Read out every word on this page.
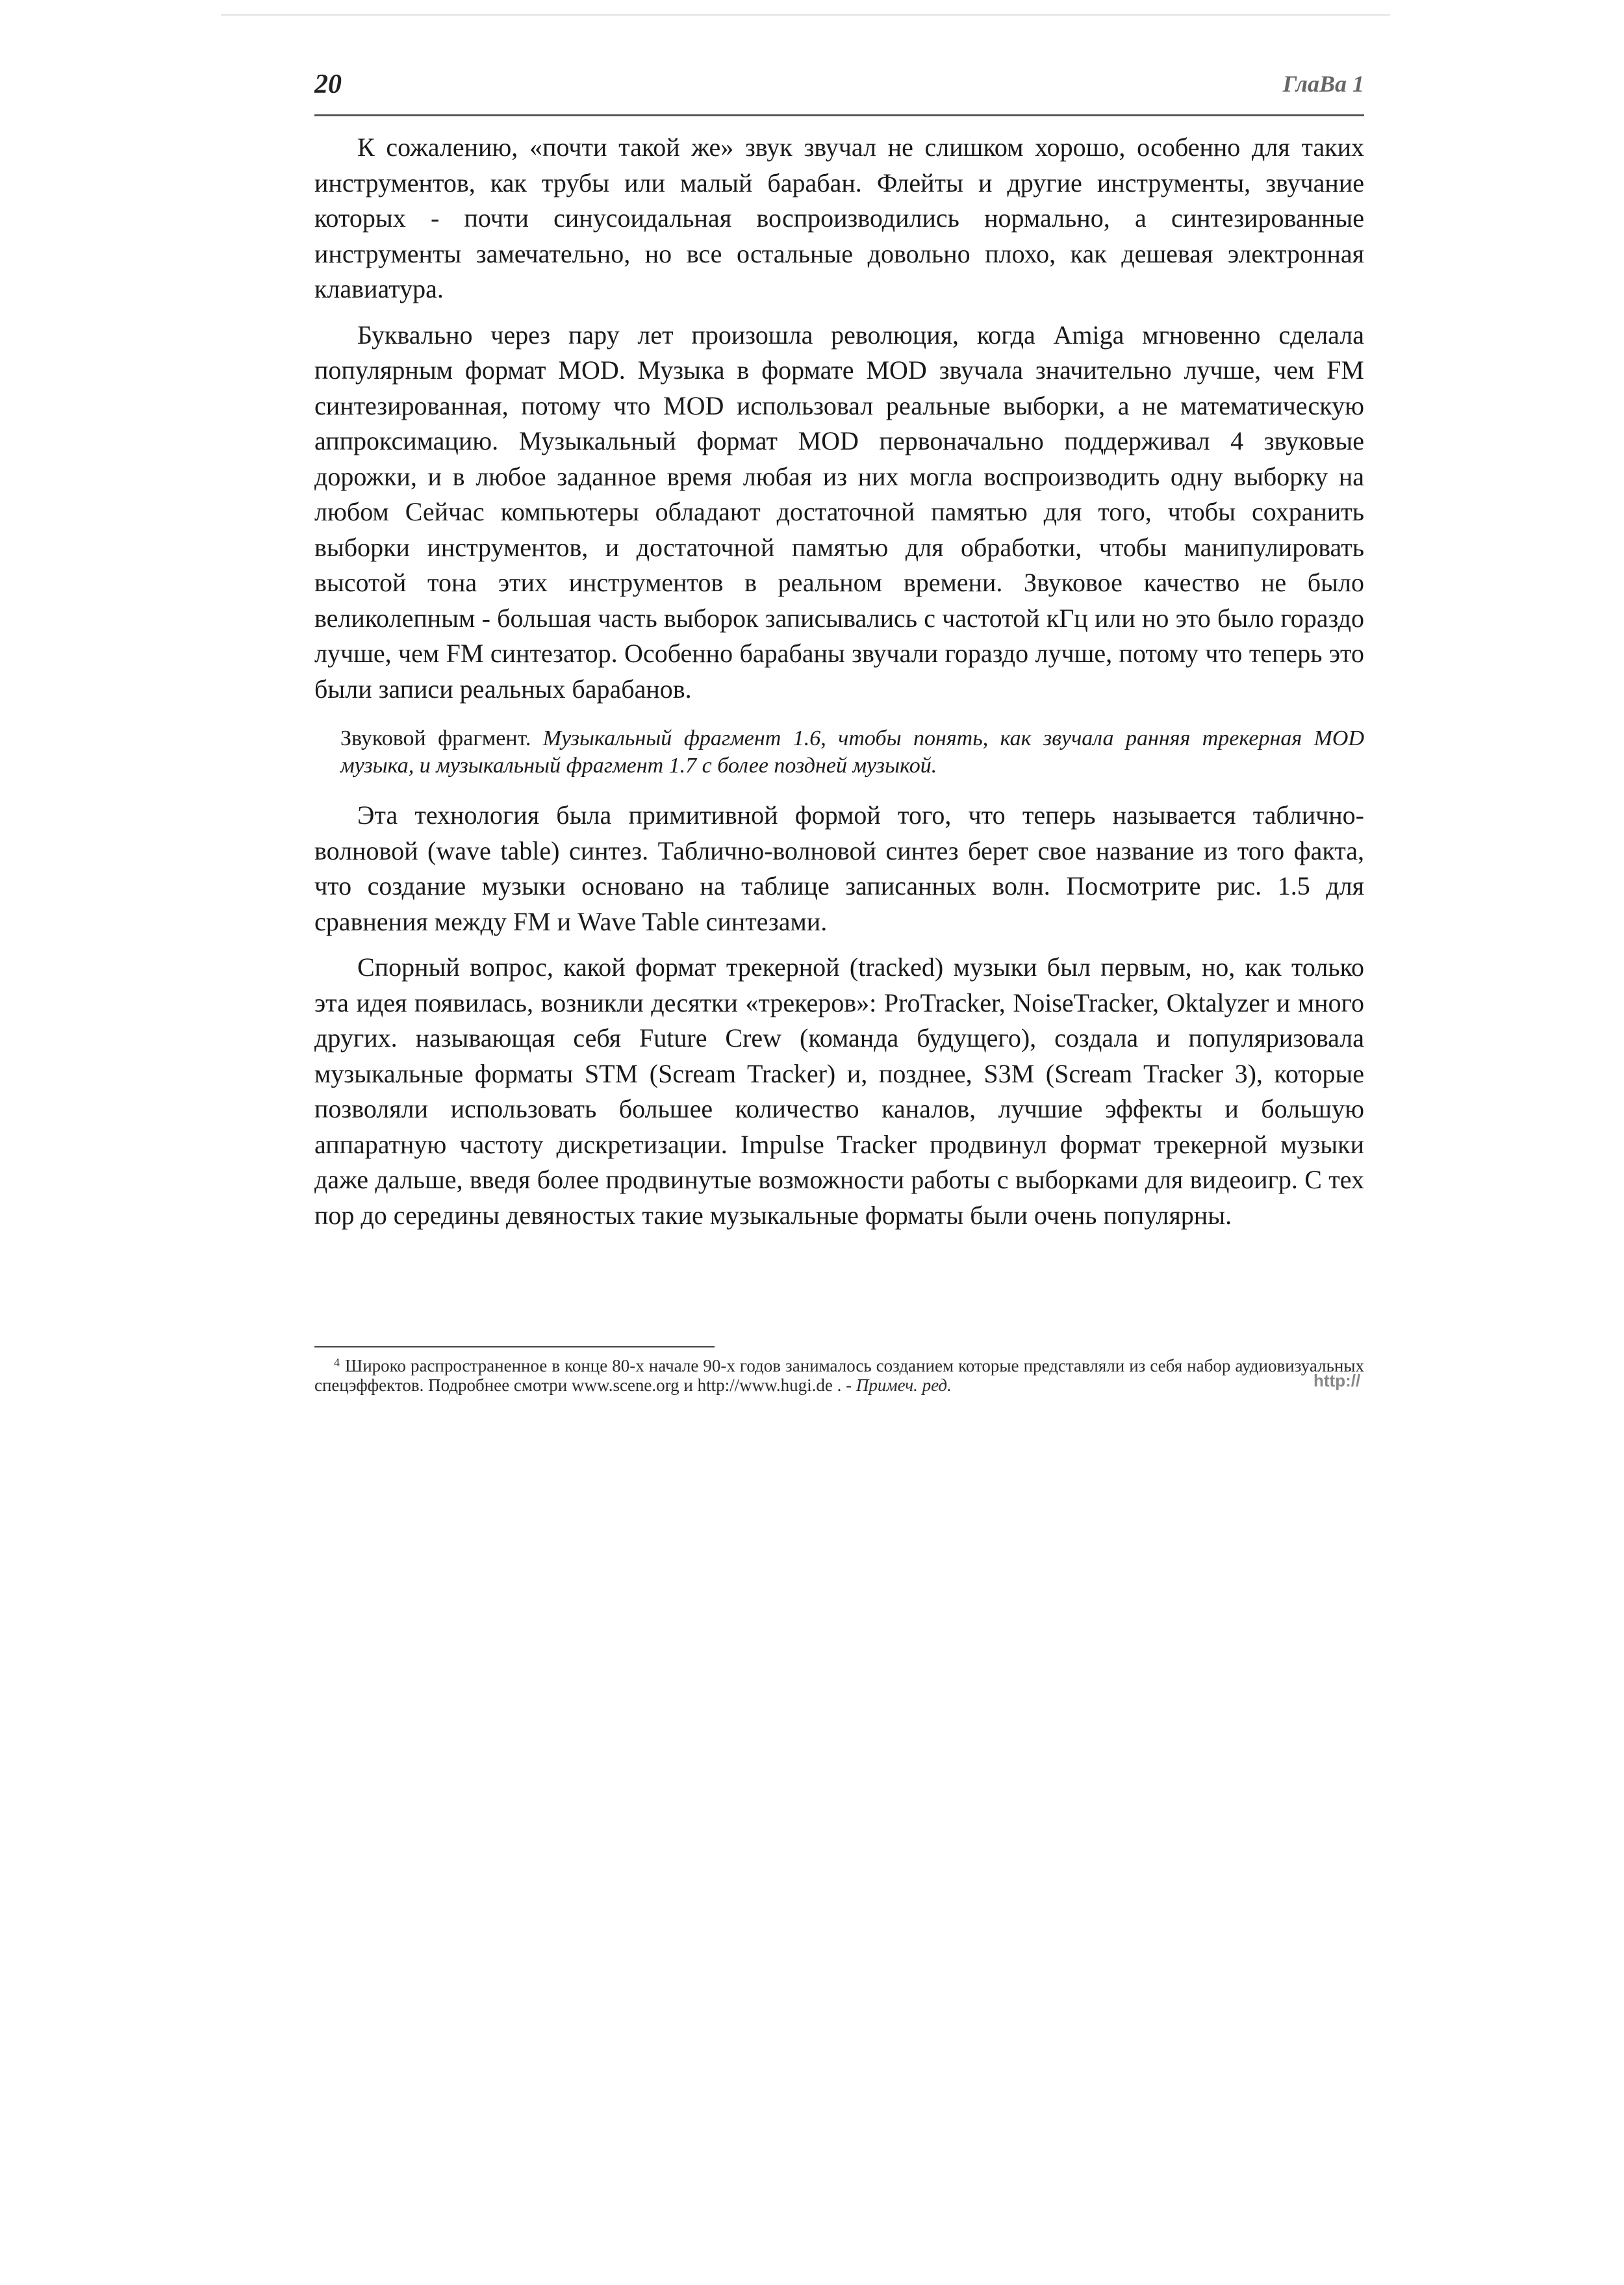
20	ГлаВа 1

К сожалению, «почти такой же» звук звучал не слишком хорошо, особенно для таких инструментов, как трубы или малый барабан. Флейты и другие инструменты, звучание которых - почти синусоидальная воспроизводились нормально, а синтезированные инструменты замечательно, но все остальные довольно плохо, как дешевая электронная клавиатура.

Буквально через пару лет произошла революция, когда Amiga мгновенно сделала популярным формат MOD. Музыка в формате MOD звучала значительно лучше, чем FM синтезированная, потому что MOD использовал реальные выборки, а не математическую аппроксимацию. Музыкальный формат MOD первоначально поддерживал 4 звуковые дорожки, и в любое заданное время любая из них могла воспроизводить одну выборку на любом Сейчас компьютеры обладают достаточной памятью для того, чтобы сохранить выборки инструментов, и достаточной памятью для обработки, чтобы манипулировать высотой тона этих инструментов в реальном времени. Звуковое качество не было великолепным - большая часть выборок записывались с частотой кГц или но это было гораздо лучше, чем FM синтезатор. Особенно барабаны звучали гораздо лучше, потому что теперь это были записи реальных барабанов.

Звуковой фрагмент. Музыкальный фрагмент 1.6, чтобы понять, как звучала ранняя трекерная MOD музыка, и музыкальный фрагмент 1.7 с более поздней музыкой.

Эта технология была примитивной формой того, что теперь называется таблично-волновой (wave table) синтез. Таблично-волновой синтез берет свое название из того факта, что создание музыки основано на таблице записанных волн. Посмотрите рис. 1.5 для сравнения между FM и Wave Table синтезами.

Спорный вопрос, какой формат трекерной (tracked) музыки был первым, но, как только эта идея появилась, возникли десятки «трекеров»: ProTracker, NoiseTracker, Oktalyzer и много других. называющая себя Future Crew (команда будущего), создала и популяризовала музыкальные форматы STM (Scream Tracker) и, позднее, S3M (Scream Tracker 3), которые позволяли использовать большее количество каналов, лучшие эффекты и большую аппаратную частоту дискретизации. Impulse Tracker продвинул формат трекерной музыки даже дальше, введя более продвинутые возможности работы с выборками для видеоигр. С тех пор до середины девяностых такие музыкальные форматы были очень популярны.

$^4$ Широко распространенное в конце 80-х начале 90-х годов занималось созданием которые представляли из себя набор аудиовизуальных спецэффектов. Подробнее смотри www.scene.org и http://www.hugi.de . - Примеч. ред.	http://
